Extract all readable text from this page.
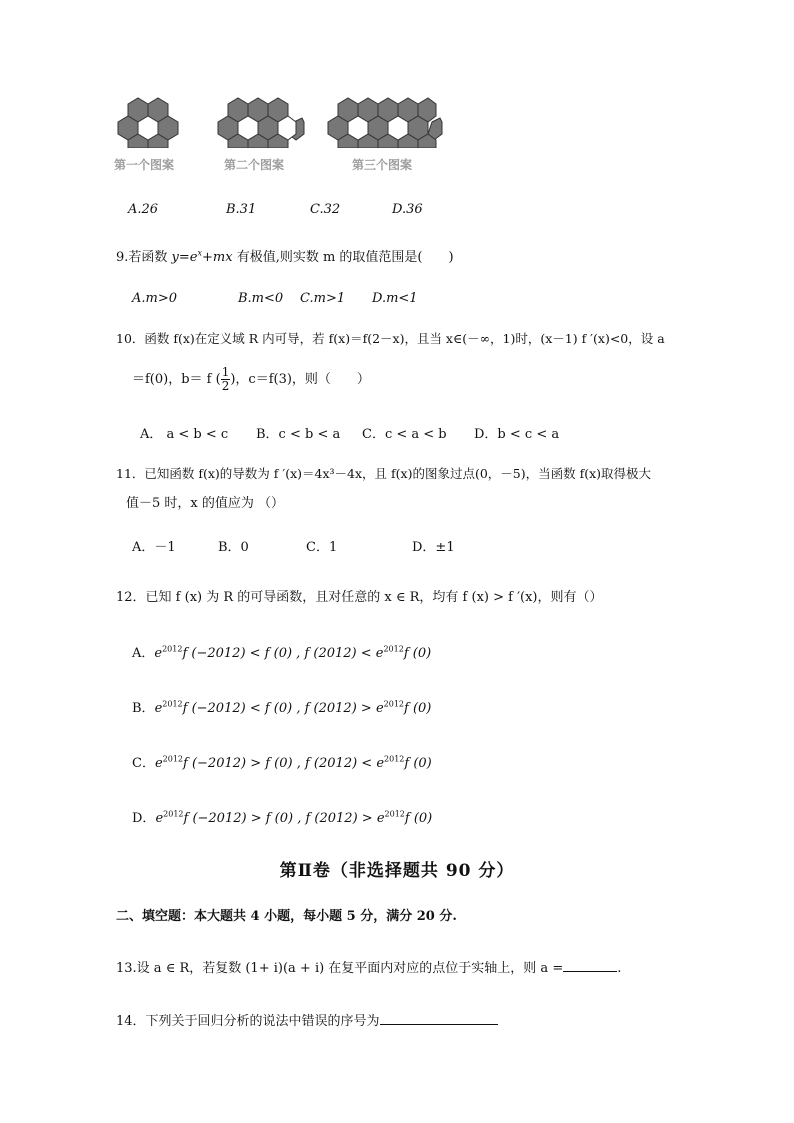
第一个图案	第二个图案	第三个图案
A.26	B.31	C.32	D.36
9.若函数 $y=e^x+mx$ 有极值,则实数 m 的取值范围是(　　)
A.m>0	B.m<0 C.m>1 D.m<1
10．函数 f(x)在定义域 R 内可导，若 f(x)＝f(2－x)，且当 x∈(－∞，1)时，(x－1) f ′(x)<0，设 a
＝f(0)，b＝ f ( $\frac{1}{2}$ )，c＝f(3)，则（　　）
A． a < b < c B．c < b < a C．c < a < b D．b < c < a
11．已知函数 f(x)的导数为 f ′(x)＝4x³－4x，且 f(x)的图象过点(0，－5)，当函数 f(x)取得极大
值－5 时，x 的值应为 （）
A．－1	B．0	C．1	D．±1
12．已知 f (x) 为 R 的可导函数，且对任意的 x ∈ R，均有 f (x) > f ′(x)，则有（）
A．$e^{2012}f$ (−2012) < f (0) , f $(2012) < e^{2012}f$ (0)
B．$e^{2012}f$ (−2012) < f (0) , f $(2012) > e^{2012}f$ (0)
C．$e^{2012}f$ (−2012) > f (0) , f $(2012) < e^{2012}f$ (0)
D．$e^{2012}f$ (−2012) > f (0) , f $(2012) > e^{2012}f$ (0)
第Ⅱ卷（非选择题共 90 分）
二、填空题：本大题共 4 小题，每小题 5 分，满分 20 分.
13.设 a ∈ R，若复数 (1+ i)(a + i) 在复平面内对应的点位于实轴上，则 a =	.
14．下列关于回归分析的说法中错误的序号为
